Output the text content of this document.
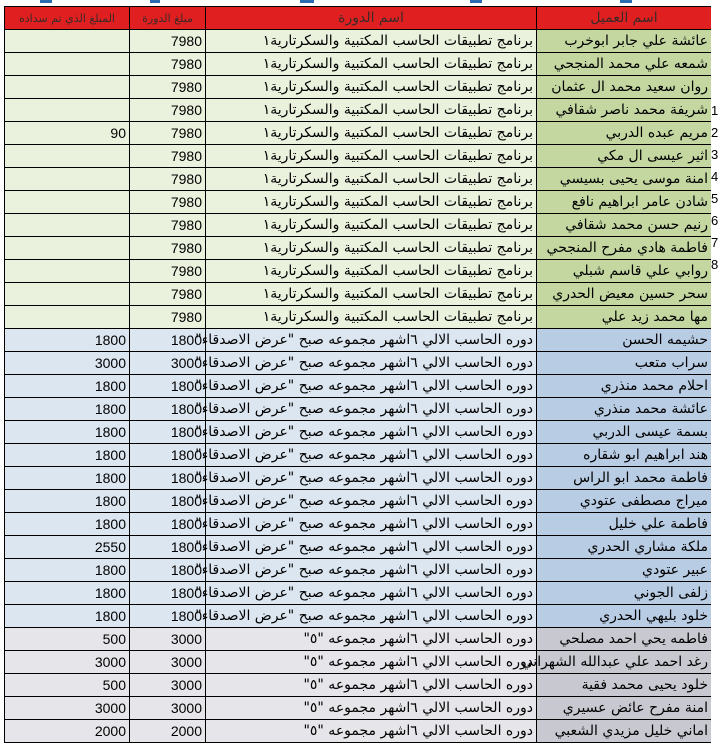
المبلغ الذي تم سداده	مبلغ الدورة	اسم الدورة	اسم العميل
	7980	برنامج تطبيقات الحاسب المكتبية والسكرتارية١	عائشة علي جابر ابوخرب
	7980	برنامج تطبيقات الحاسب المكتبية والسكرتارية١	شمعه علي محمد المنجحي
	7980	برنامج تطبيقات الحاسب المكتبية والسكرتارية١	روان سعيد محمد ال عثمان
	7980	برنامج تطبيقات الحاسب المكتبية والسكرتارية١	شريفة محمد ناصر شقافي
90	7980	برنامج تطبيقات الحاسب المكتبية والسكرتارية١	مريم عبده الدربي
	7980	برنامج تطبيقات الحاسب المكتبية والسكرتارية١	اثير عيسى ال مكي
	7980	برنامج تطبيقات الحاسب المكتبية والسكرتارية١	امنة موسى يحيى بسيسي
	7980	برنامج تطبيقات الحاسب المكتبية والسكرتارية١	شادن عامر ابراهيم نافع
	7980	برنامج تطبيقات الحاسب المكتبية والسكرتارية١	رنيم حسن محمد شقافي
	7980	برنامج تطبيقات الحاسب المكتبية والسكرتارية١	فاطمة هادي مفرح المنجحي
	7980	برنامج تطبيقات الحاسب المكتبية والسكرتارية١	روابي علي قاسم شبلي
	7980	برنامج تطبيقات الحاسب المكتبية والسكرتارية١	سحر حسين معيض الحدري
	7980	برنامج تطبيقات الحاسب المكتبية والسكرتارية١	مها محمد زيد علي
1800	1800	دوره الحاسب الالي ٦اشهر مجموعه صبح "عرض الاصدقاء"	حشيمه الحسن
3000	3000	دوره الحاسب الالي ٦اشهر مجموعه صبح "عرض الاصدقاء"	سراب متعب
1800	1800	دوره الحاسب الالي ٦اشهر مجموعه صبح "عرض الاصدقاء"	احلام محمد منذري
1800	1800	دوره الحاسب الالي ٦اشهر مجموعه صبح "عرض الاصدقاء"	عائشة محمد منذري
1800	1800	دوره الحاسب الالي ٦اشهر مجموعه صبح "عرض الاصدقاء"	بسمة عيسى الدربي
1800	1800	دوره الحاسب الالي ٦اشهر مجموعه صبح "عرض الاصدقاء"	هند ابراهيم ابو شقاره
1800	1800	دوره الحاسب الالي ٦اشهر مجموعه صبح "عرض الاصدقاء"	فاطمة محمد ابو الراس
1800	1800	دوره الحاسب الالي ٦اشهر مجموعه صبح "عرض الاصدقاء"	ميراج مصطفى عتودي
1800	1800	دوره الحاسب الالي ٦اشهر مجموعه صبح "عرض الاصدقاء"	فاطمة علي خليل
2550	1800	دوره الحاسب الالي ٦اشهر مجموعه صبح "عرض الاصدقاء"	ملكة مشاري الحدري
1800	1800	دوره الحاسب الالي ٦اشهر مجموعه صبح "عرض الاصدقاء"	عبير عتودي
1800	1800	دوره الحاسب الالي ٦اشهر مجموعه صبح "عرض الاصدقاء"	زلفى الجوني
1800	1800	دوره الحاسب الالي ٦اشهر مجموعه صبح "عرض الاصدقاء"	خلود بليهي الحدري
500	3000	دوره الحاسب الالي ٦اشهر مجموعه "٥"	فاطمه يحي احمد مصلحي
3000	3000	دوره الحاسب الالي ٦اشهر مجموعه "٥"	رغد احمد علي عبدالله الشهراني
500	3000	دوره الحاسب الالي ٦اشهر مجموعه "٥"	خلود يحيى محمد فقية
3000	3000	دوره الحاسب الالي ٦اشهر مجموعه "٥"	امنة مفرح عائض عسيري
2000	2000	دوره الحاسب الالي ٦اشهر مجموعه "٥"	اماني خليل مزيدي الشعبي
1
2
3
4
5
6
7
8
